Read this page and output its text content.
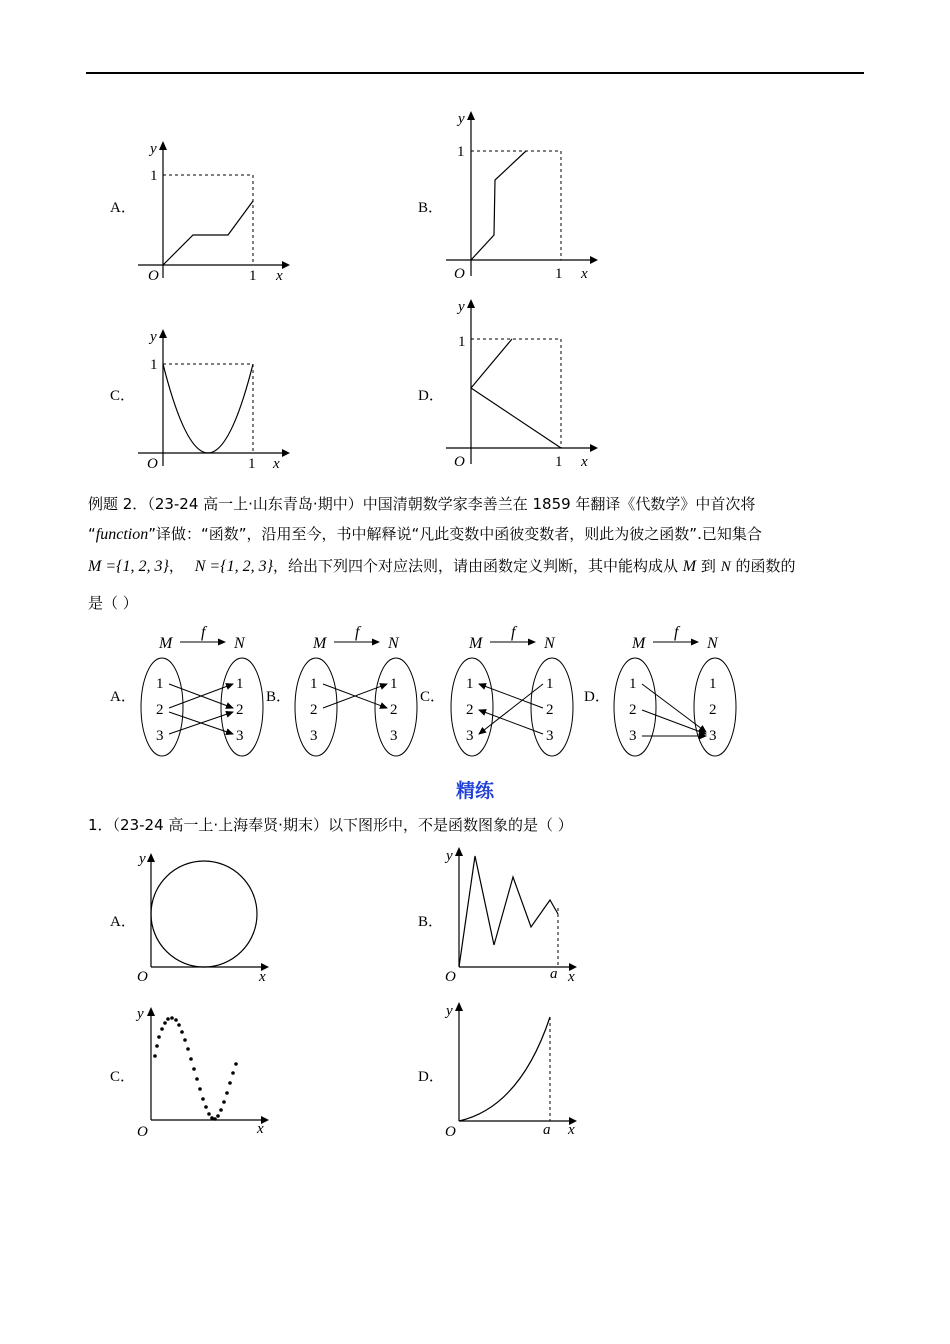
A．
y
x
O
1
1
B．
y
x
O
1
1
C．
y
x
O
1
1
D．
y
x
O
1
1
例题 2．（23-24 高一上·山东青岛·期中）中国清朝数学家李善兰在 1859 年翻译《代数学》中首次将
“function”译做：“函数”，沿用至今，书中解释说“凡此变数中函彼变数者，则此为彼之函数”.已知集合
M ={1, 2, 3}， N ={1, 2, 3}，给出下列四个对应法则，请由函数定义判断，其中能构成从 M 到 N 的函数的
是（ ）
A．
M
f
N
1
2
3
1
2
3
B．
M
f
N
1
2
3
1
2
3
C．
M
f
N
1
2
3
1
2
3
D．
M
f
N
1
2
3
1
2
3
精练
1．（23-24 高一上·上海奉贤·期末）以下图形中，不是函数图象的是（ ）
A．
y
x
O
B．
y
x
O	a
C．
y
x
O
D．
y
x
O	a
